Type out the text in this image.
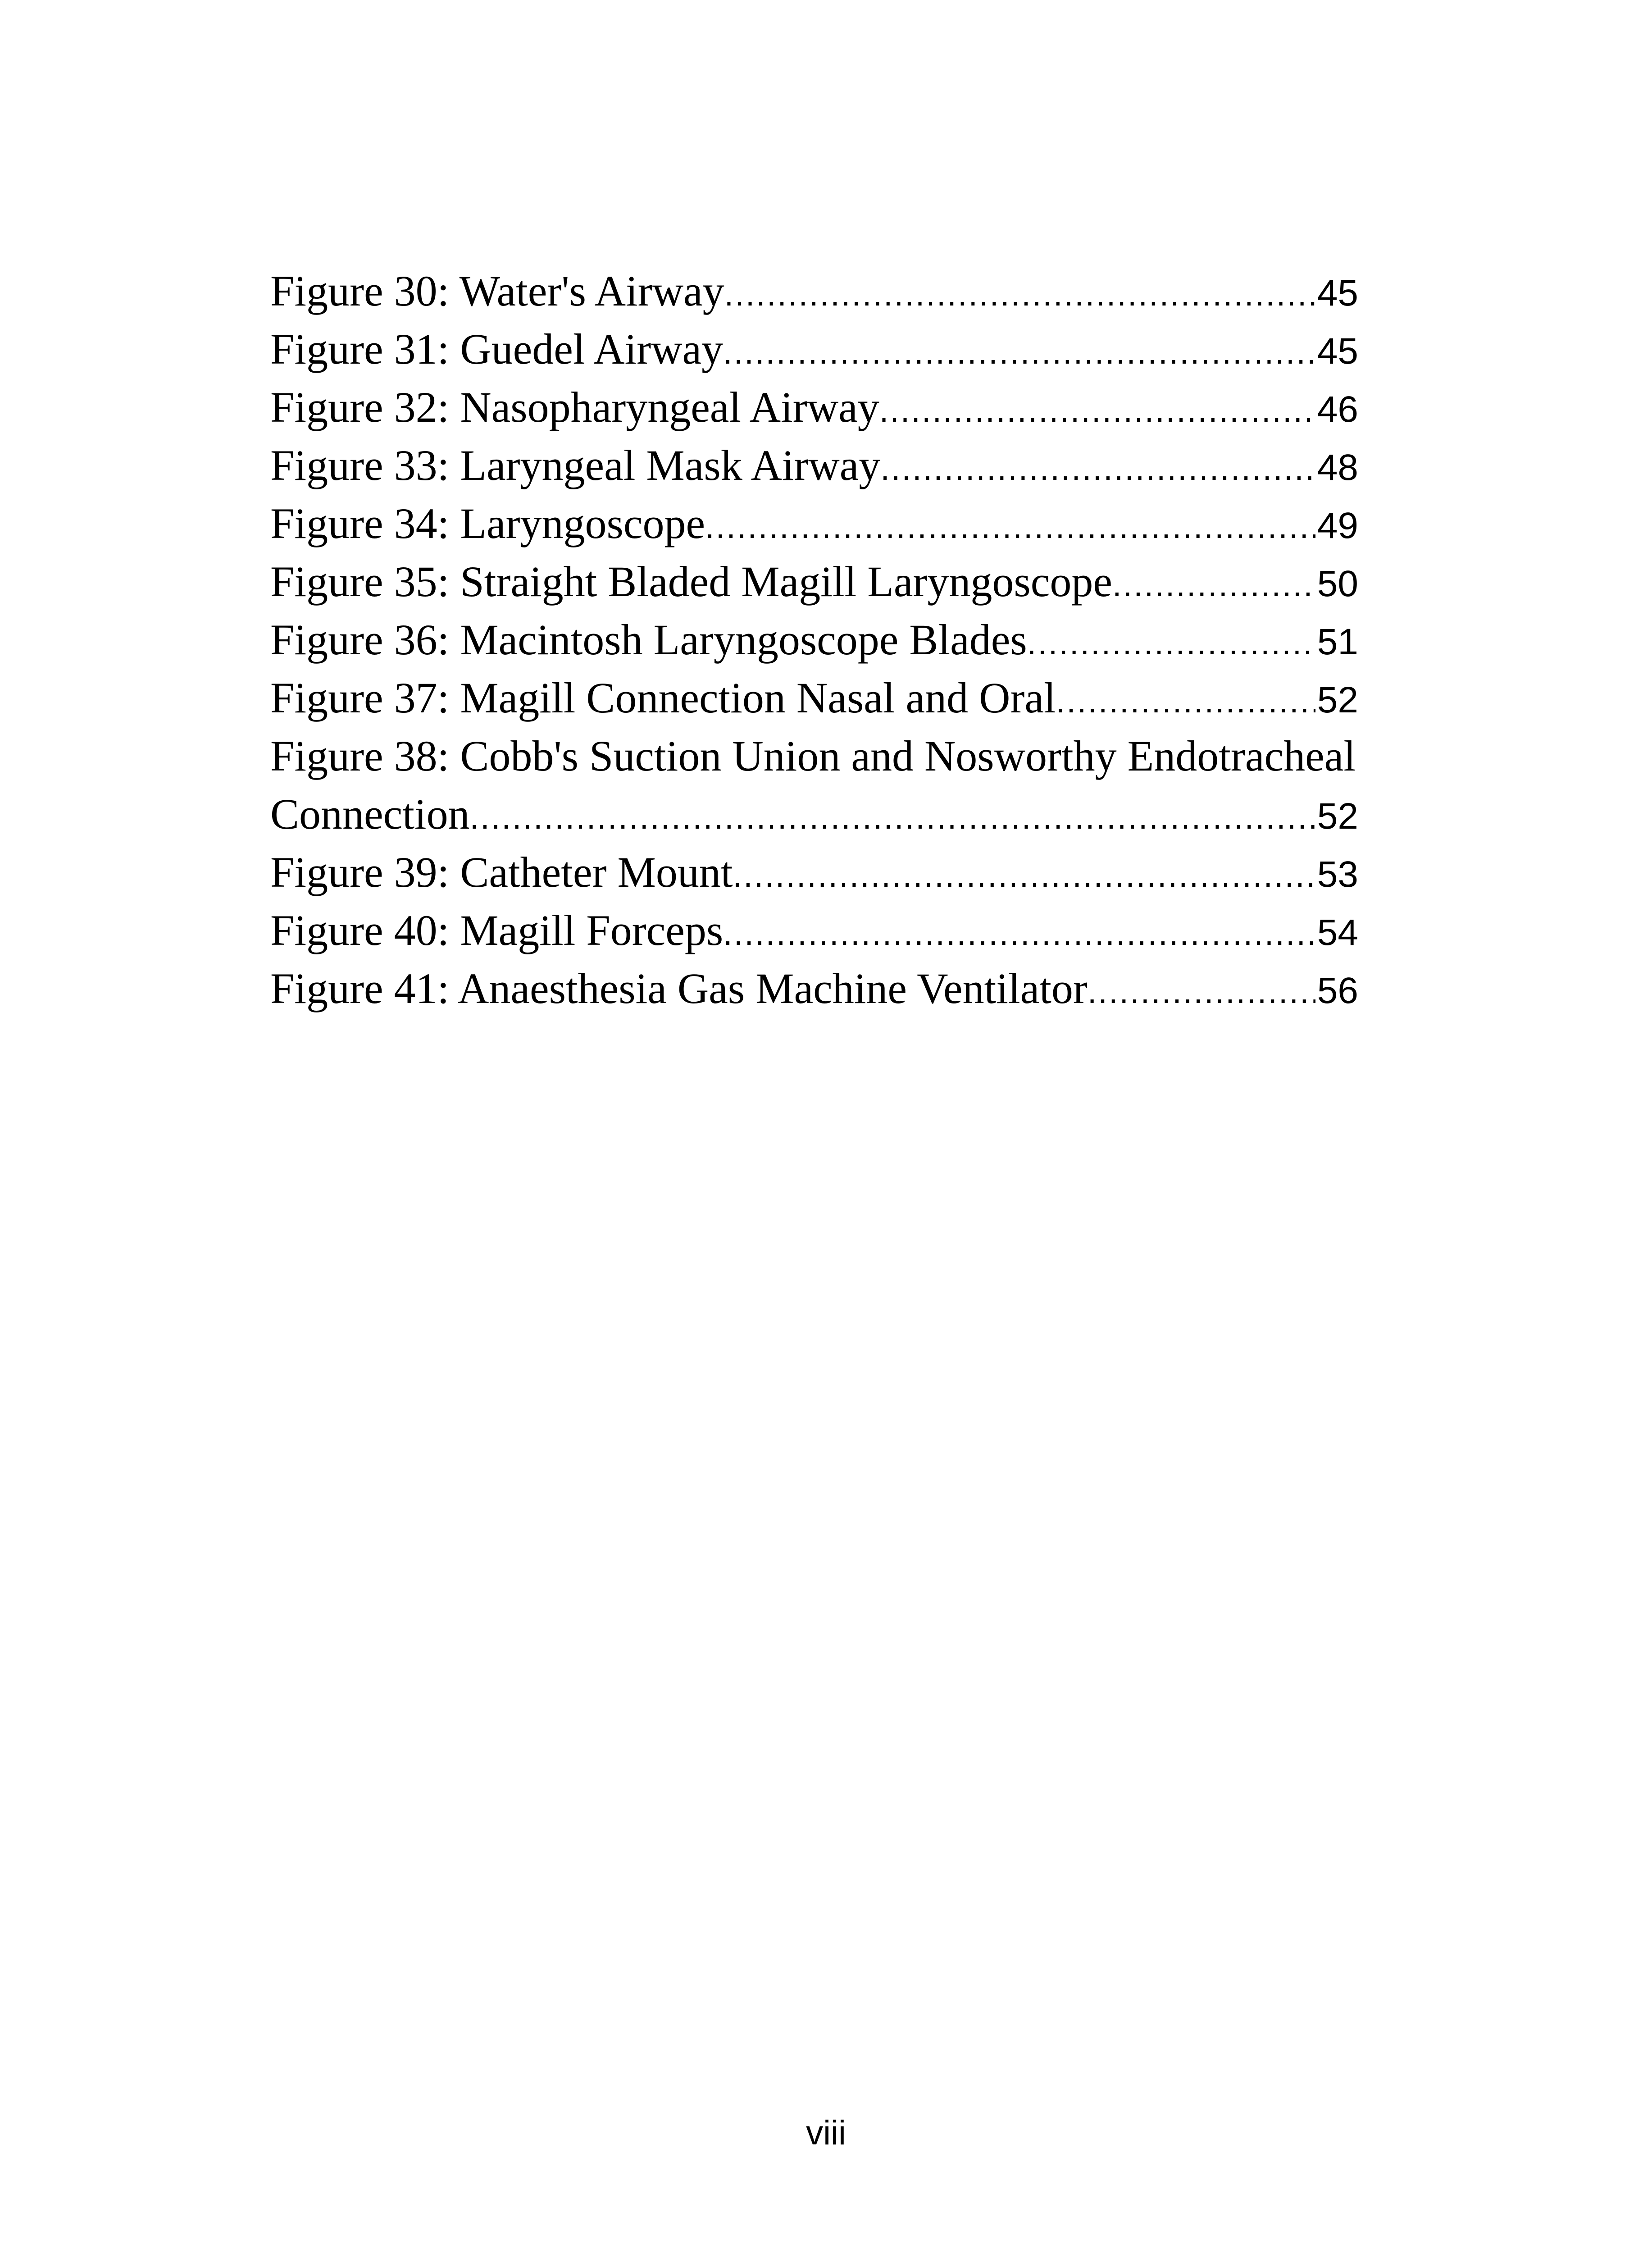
Figure 30: Water's Airway .....	45
Figure 31: Guedel Airway .....	45
Figure 32: Nasopharyngeal Airway .....	46
Figure 33: Laryngeal Mask Airway .....	48
Figure 34: Laryngoscope .....	49
Figure 35: Straight Bladed Magill Laryngoscope .....	50
Figure 36: Macintosh Laryngoscope Blades .....	51
Figure 37: Magill Connection Nasal and Oral .....	52
Figure 38: Cobb's Suction Union and Nosworthy Endotracheal
Connection .....	52
Figure 39: Catheter Mount .....	53
Figure 40: Magill Forceps .....	54
Figure 41: Anaesthesia Gas Machine Ventilator .....	56
viii
